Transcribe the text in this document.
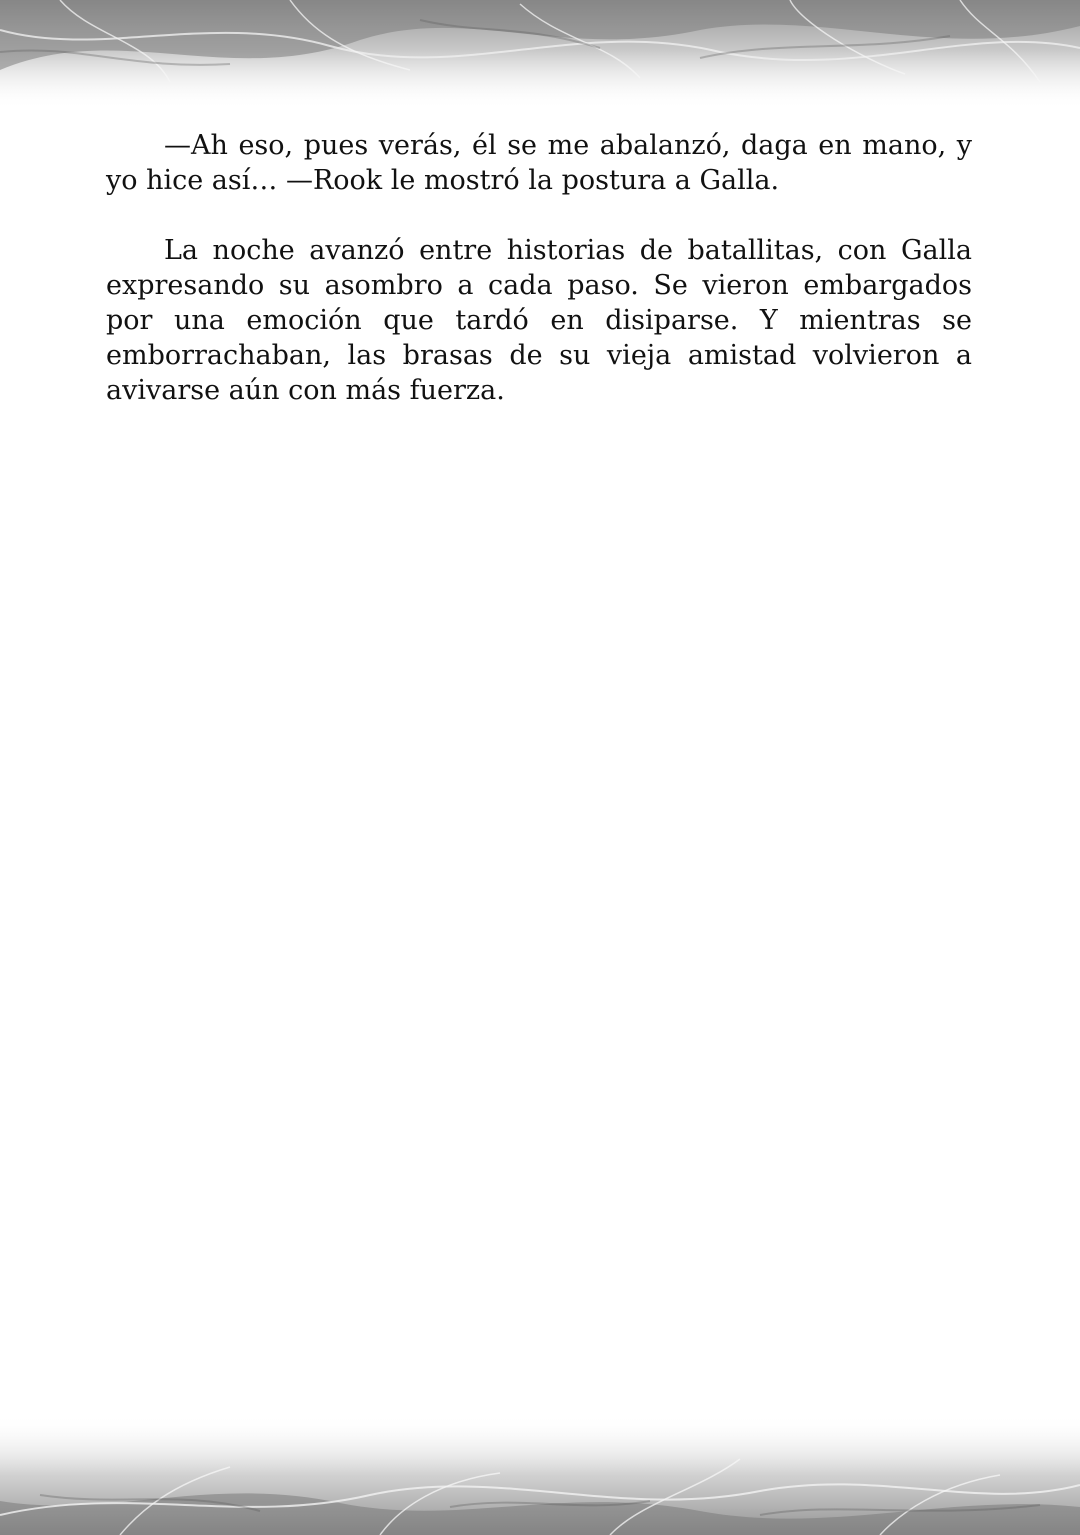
—Ah eso, pues verás, él se me abalanzó, daga en mano, y yo hice así… —Rook le mostró la postura a Galla.

La noche avanzó entre historias de batallitas, con Galla expresando su asombro a cada paso. Se vieron embargados por una emoción que tardó en disiparse. Y mientras se emborrachaban, las brasas de su vieja amistad volvieron a avivarse aún con más fuerza.
